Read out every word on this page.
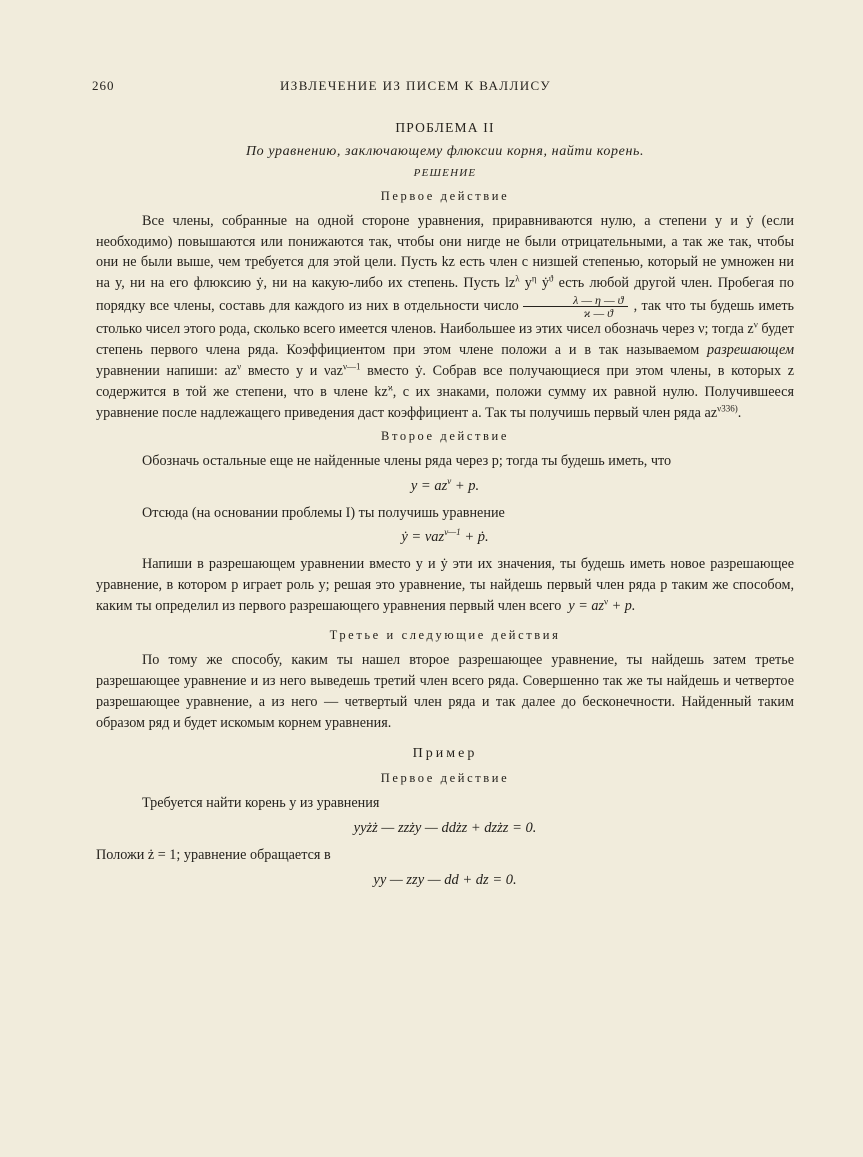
260	ИЗВЛЕЧЕНИЕ ИЗ ПИСЕМ К ВАЛЛИСУ
ПРОБЛЕМА II
По уравнению, заключающему флюксии корня, найти корень.
РЕШЕНИЕ
Первое действие

Все члены, собранные на одной стороне уравнения, приравниваются нулю, а степени y и ẏ (если необходимо) повышаются или понижаются так, чтобы они нигде не были отрицательными, а так же так, чтобы они не были выше, чем требуется для этой цели. Пусть kz есть член с низшей степенью, который не умножен ни на y, ни на его флюксию ẏ, ни на какую-либо их степень. Пусть $lz^\lambda$ $y^\eta$ ẏ$^ϑ$ есть любой другой член. Пробегая по порядку все члены, составь для каждого из них в отдельности число $\frac{\lambda — \eta — ϑ}{ϰ — ϑ}$ , так что ты будешь иметь столько чисел этого рода, сколько всего имеется членов. Наибольшее из этих чисел обозначь через ν; тогда $z^\nu$ будет степень первого члена ряда. Коэффициентом при этом члене положи a и в так называемом разрешающем уравнении напиши: $az^\nu$ вместо y и νaz$^{\nu—1}$ вместо ẏ. Собрав все получающиеся при этом члены, в которых z содержится в той же степени, что в члене $kz^ϰ$, с их знаками, положи сумму их равной нулю. Получившееся уравнение после надлежащего приведения даст коэффициент a. Так ты получишь первый член ряда az$^{\nu 336)}$.

Второе действие

Обозначь остальные еще не найденные члены ряда через p; тогда ты будешь иметь, что

$y = az^\nu + p$.

Отсюда (на основании проблемы I) ты получишь уравнение

ẏ = νaz$^{\nu—1}$ + ṗ.

Напиши в разрешающем уравнении вместо y и ẏ эти их значения, ты будешь иметь новое разрешающее уравнение, в котором p играет роль y; решая это уравнение, ты найдешь первый член ряда p таким же способом, каким ты определил из первого разрешающего уравнения первый член всего $y = az^\nu + p$.

Третье и следующие действия

По тому же способу, каким ты нашел второе разрешающее уравнение, ты найдешь затем третье разрешающее уравнение и из него выведешь третий член всего ряда. Совершенно так же ты найдешь и четвертое разрешающее уравнение, а из него — четвертый член ряда и так далее до бесконечности. Найденный таким образом ряд и будет искомым корнем уравнения.

Пример
Первое действие

Требуется найти корень y из уравнения

yyżż — zzży — ddżz + dzżz = 0.

Положи ż = 1; уравнение обращается в

yy — zzy — dd + dz = 0.
